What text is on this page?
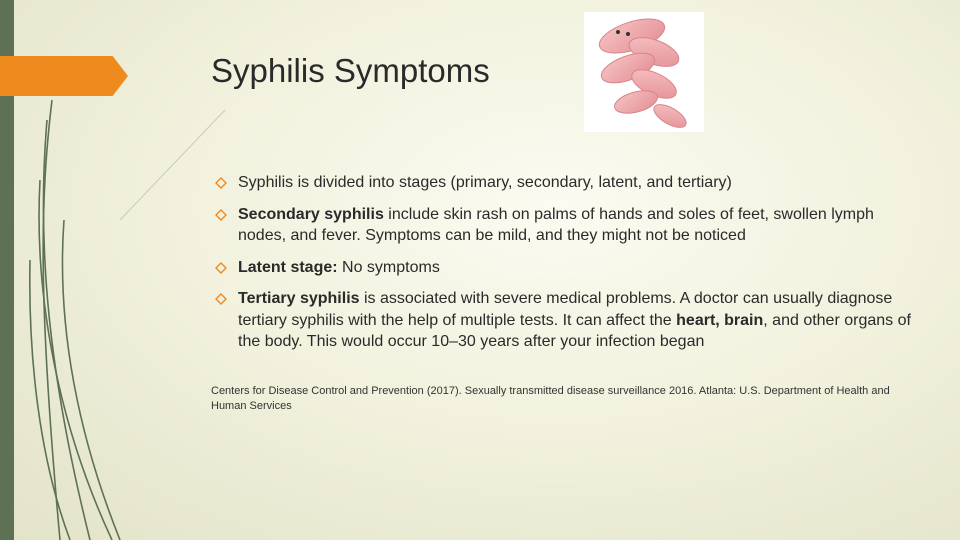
Syphilis Symptoms
Syphilis is divided into stages (primary, secondary, latent, and tertiary)
Secondary syphilis include skin rash on palms of hands and soles of feet, swollen lymph nodes, and fever. Symptoms can be mild, and they might not be noticed
Latent stage: No symptoms
Tertiary syphilis is associated with severe medical problems. A doctor can usually diagnose tertiary syphilis with the help of multiple tests. It can affect the heart, brain, and other organs of the body. This would occur 10–30 years after your infection began
Centers for Disease Control and Prevention (2017). Sexually transmitted disease surveillance 2016. Atlanta: U.S. Department of Health and Human Services
